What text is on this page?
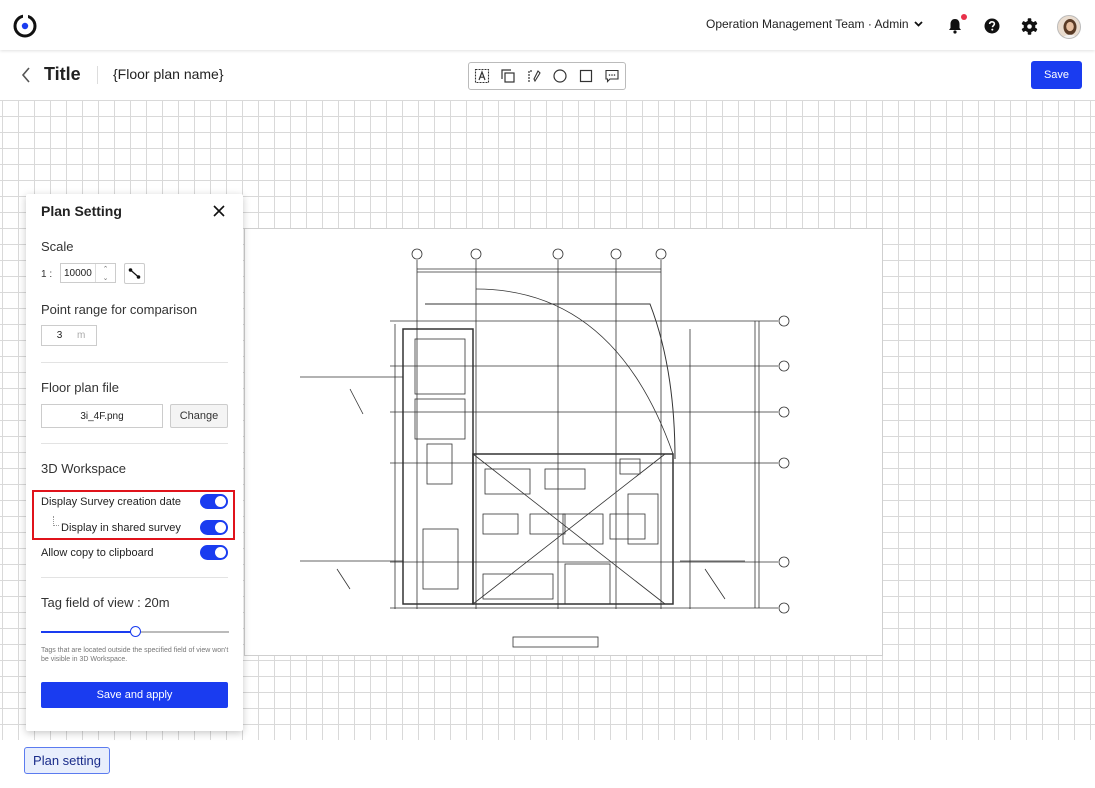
Operation Management Team · Admin
Title {Floor plan name}	Save
Plan Setting
Scale
1 :
10000	⌃
⌄
Point range for comparison
3	m
Floor plan file
3i_4F.png	Change
3D Workspace
Display Survey creation date
Display in shared survey
Allow copy to clipboard
Tag field of view : 20m
Tags that are located outside the specified field of view won't be visible in 3D Workspace.
Save and apply
Plan setting
